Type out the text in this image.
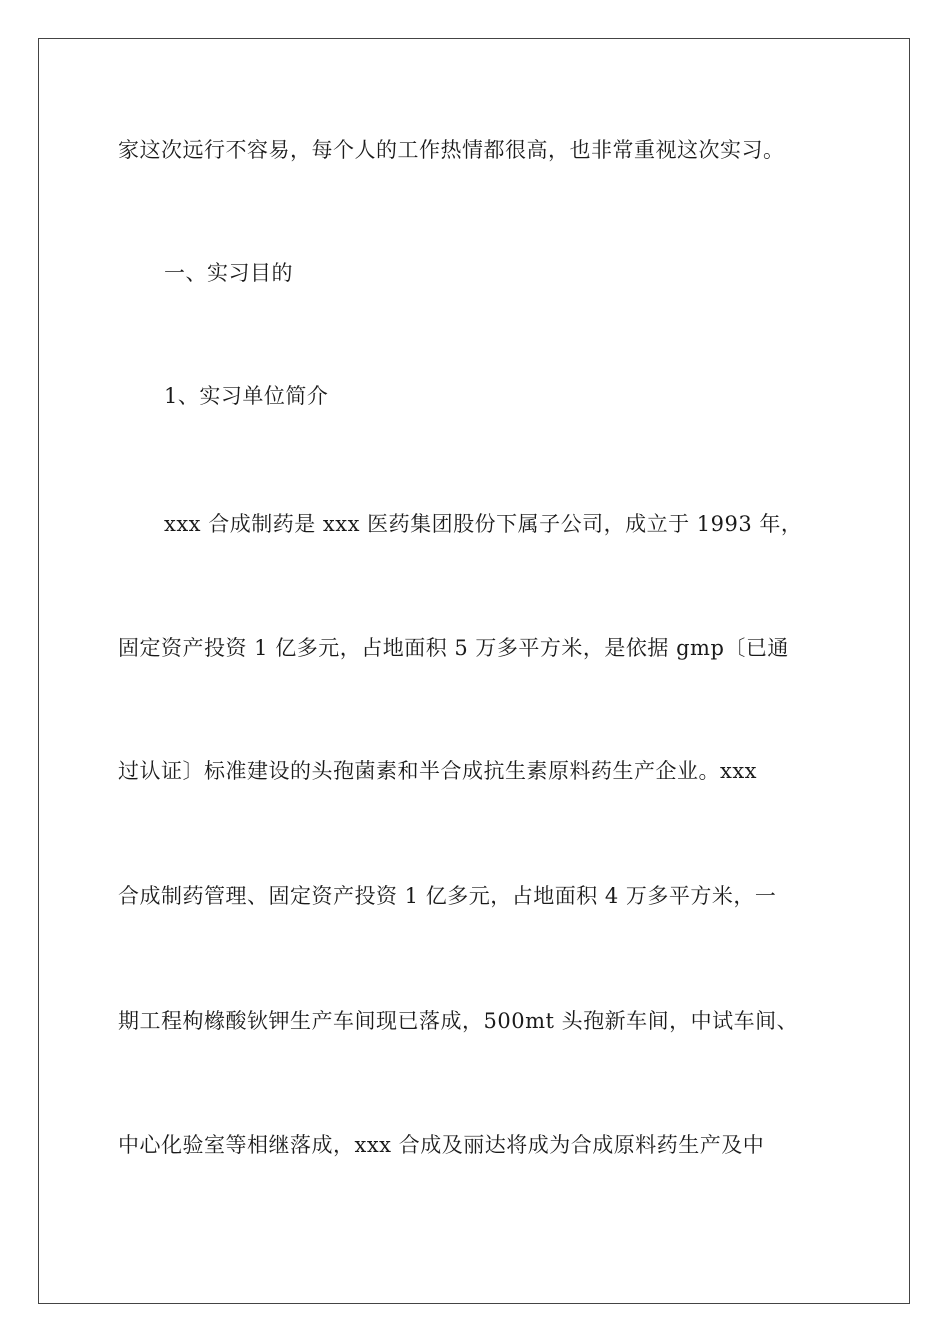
家这次远行不容易，每个人的工作热情都很高，也非常重视这次实习。
一、实习目的
1、实习单位简介
xxx 合成制药是 xxx 医药集团股份下属子公司，成立于 1993 年，
固定资产投资 1 亿多元，占地面积 5 万多平方米，是依据 gmp〔已通
过认证〕标准建设的头孢菌素和半合成抗生素原料药生产企业。xxx
合成制药管理、固定资产投资 1 亿多元，占地面积 4 万多平方米，一
期工程枸橼酸钬钾生产车间现已落成，500mt 头孢新车间，中试车间、
中心化验室等相继落成，xxx 合成及丽达将成为合成原料药生产及中
